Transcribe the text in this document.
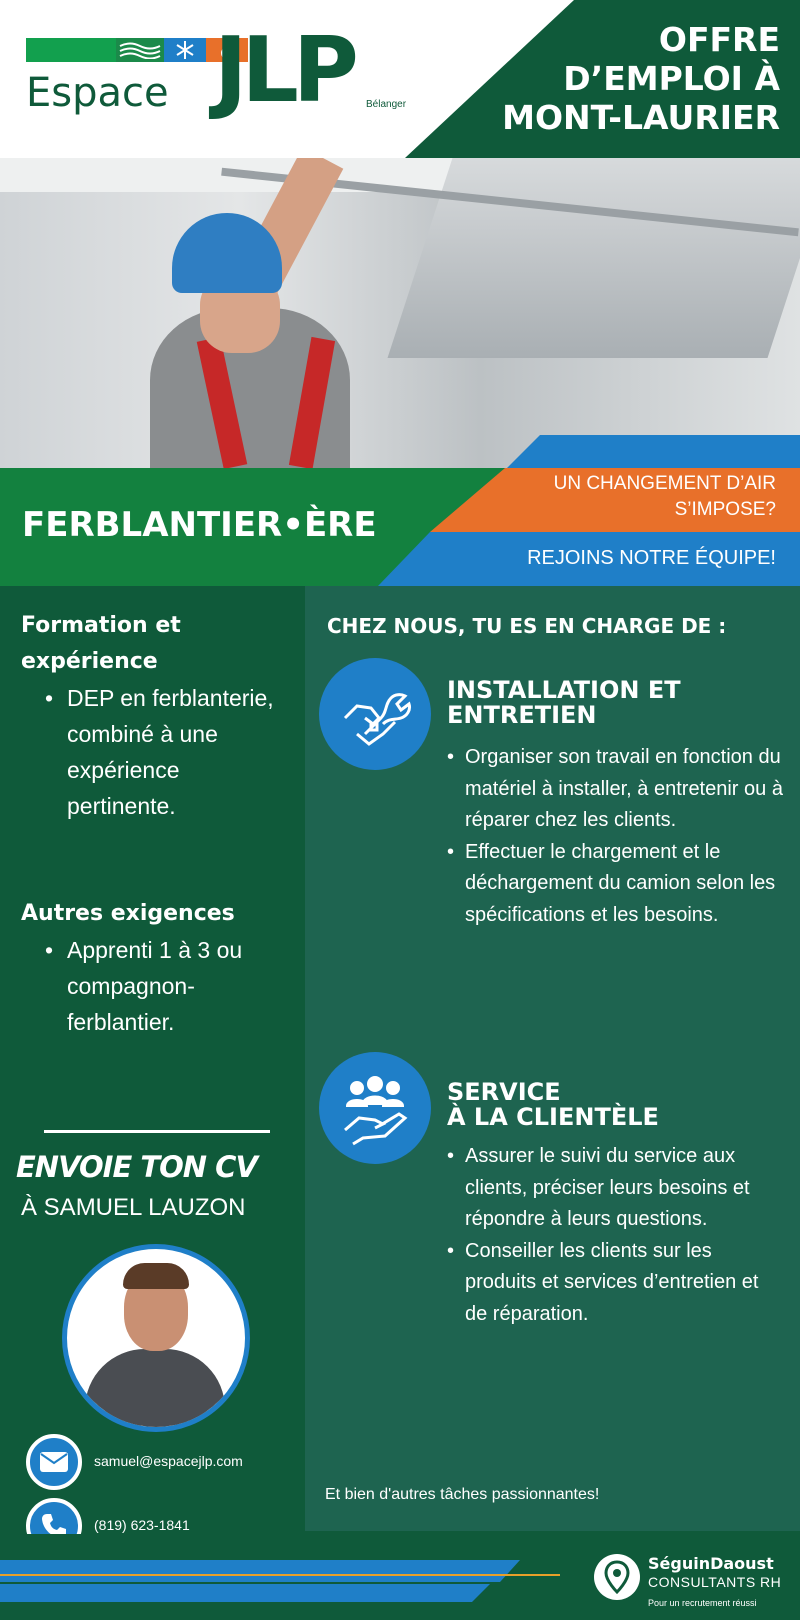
Espace JLP Bélanger
OFFRE
D’EMPLOI À
MONT-LAURIER
FERBLANTIER•ÈRE
UN CHANGEMENT D’AIR S’IMPOSE?
REJOINS NOTRE ÉQUIPE!
Formation et expérience
• DEP en ferblanterie, combiné à une expérience pertinente.
Autres exigences
• Apprenti 1 à 3 ou compagnon-ferblantier.
ENVOIE TON CV
À SAMUEL LAUZON
samuel@espacejlp.com
(819) 623-1841
CHEZ NOUS, TU ES EN CHARGE DE :
INSTALLATION ET
ENTRETIEN
• Organiser son travail en fonction du matériel à installer, à entretenir ou à réparer chez les clients.
• Effectuer le chargement et le déchargement du camion selon les spécifications et les besoins.
SERVICE
À LA CLIENTÈLE
• Assurer le suivi du service aux clients, préciser leurs besoins et répondre à leurs questions.
• Conseiller les clients sur les produits et services d’entretien et de réparation.
Et bien d'autres tâches passionnantes!
SéguinDaoust
CONSULTANTS RH
Pour un recrutement réussi
